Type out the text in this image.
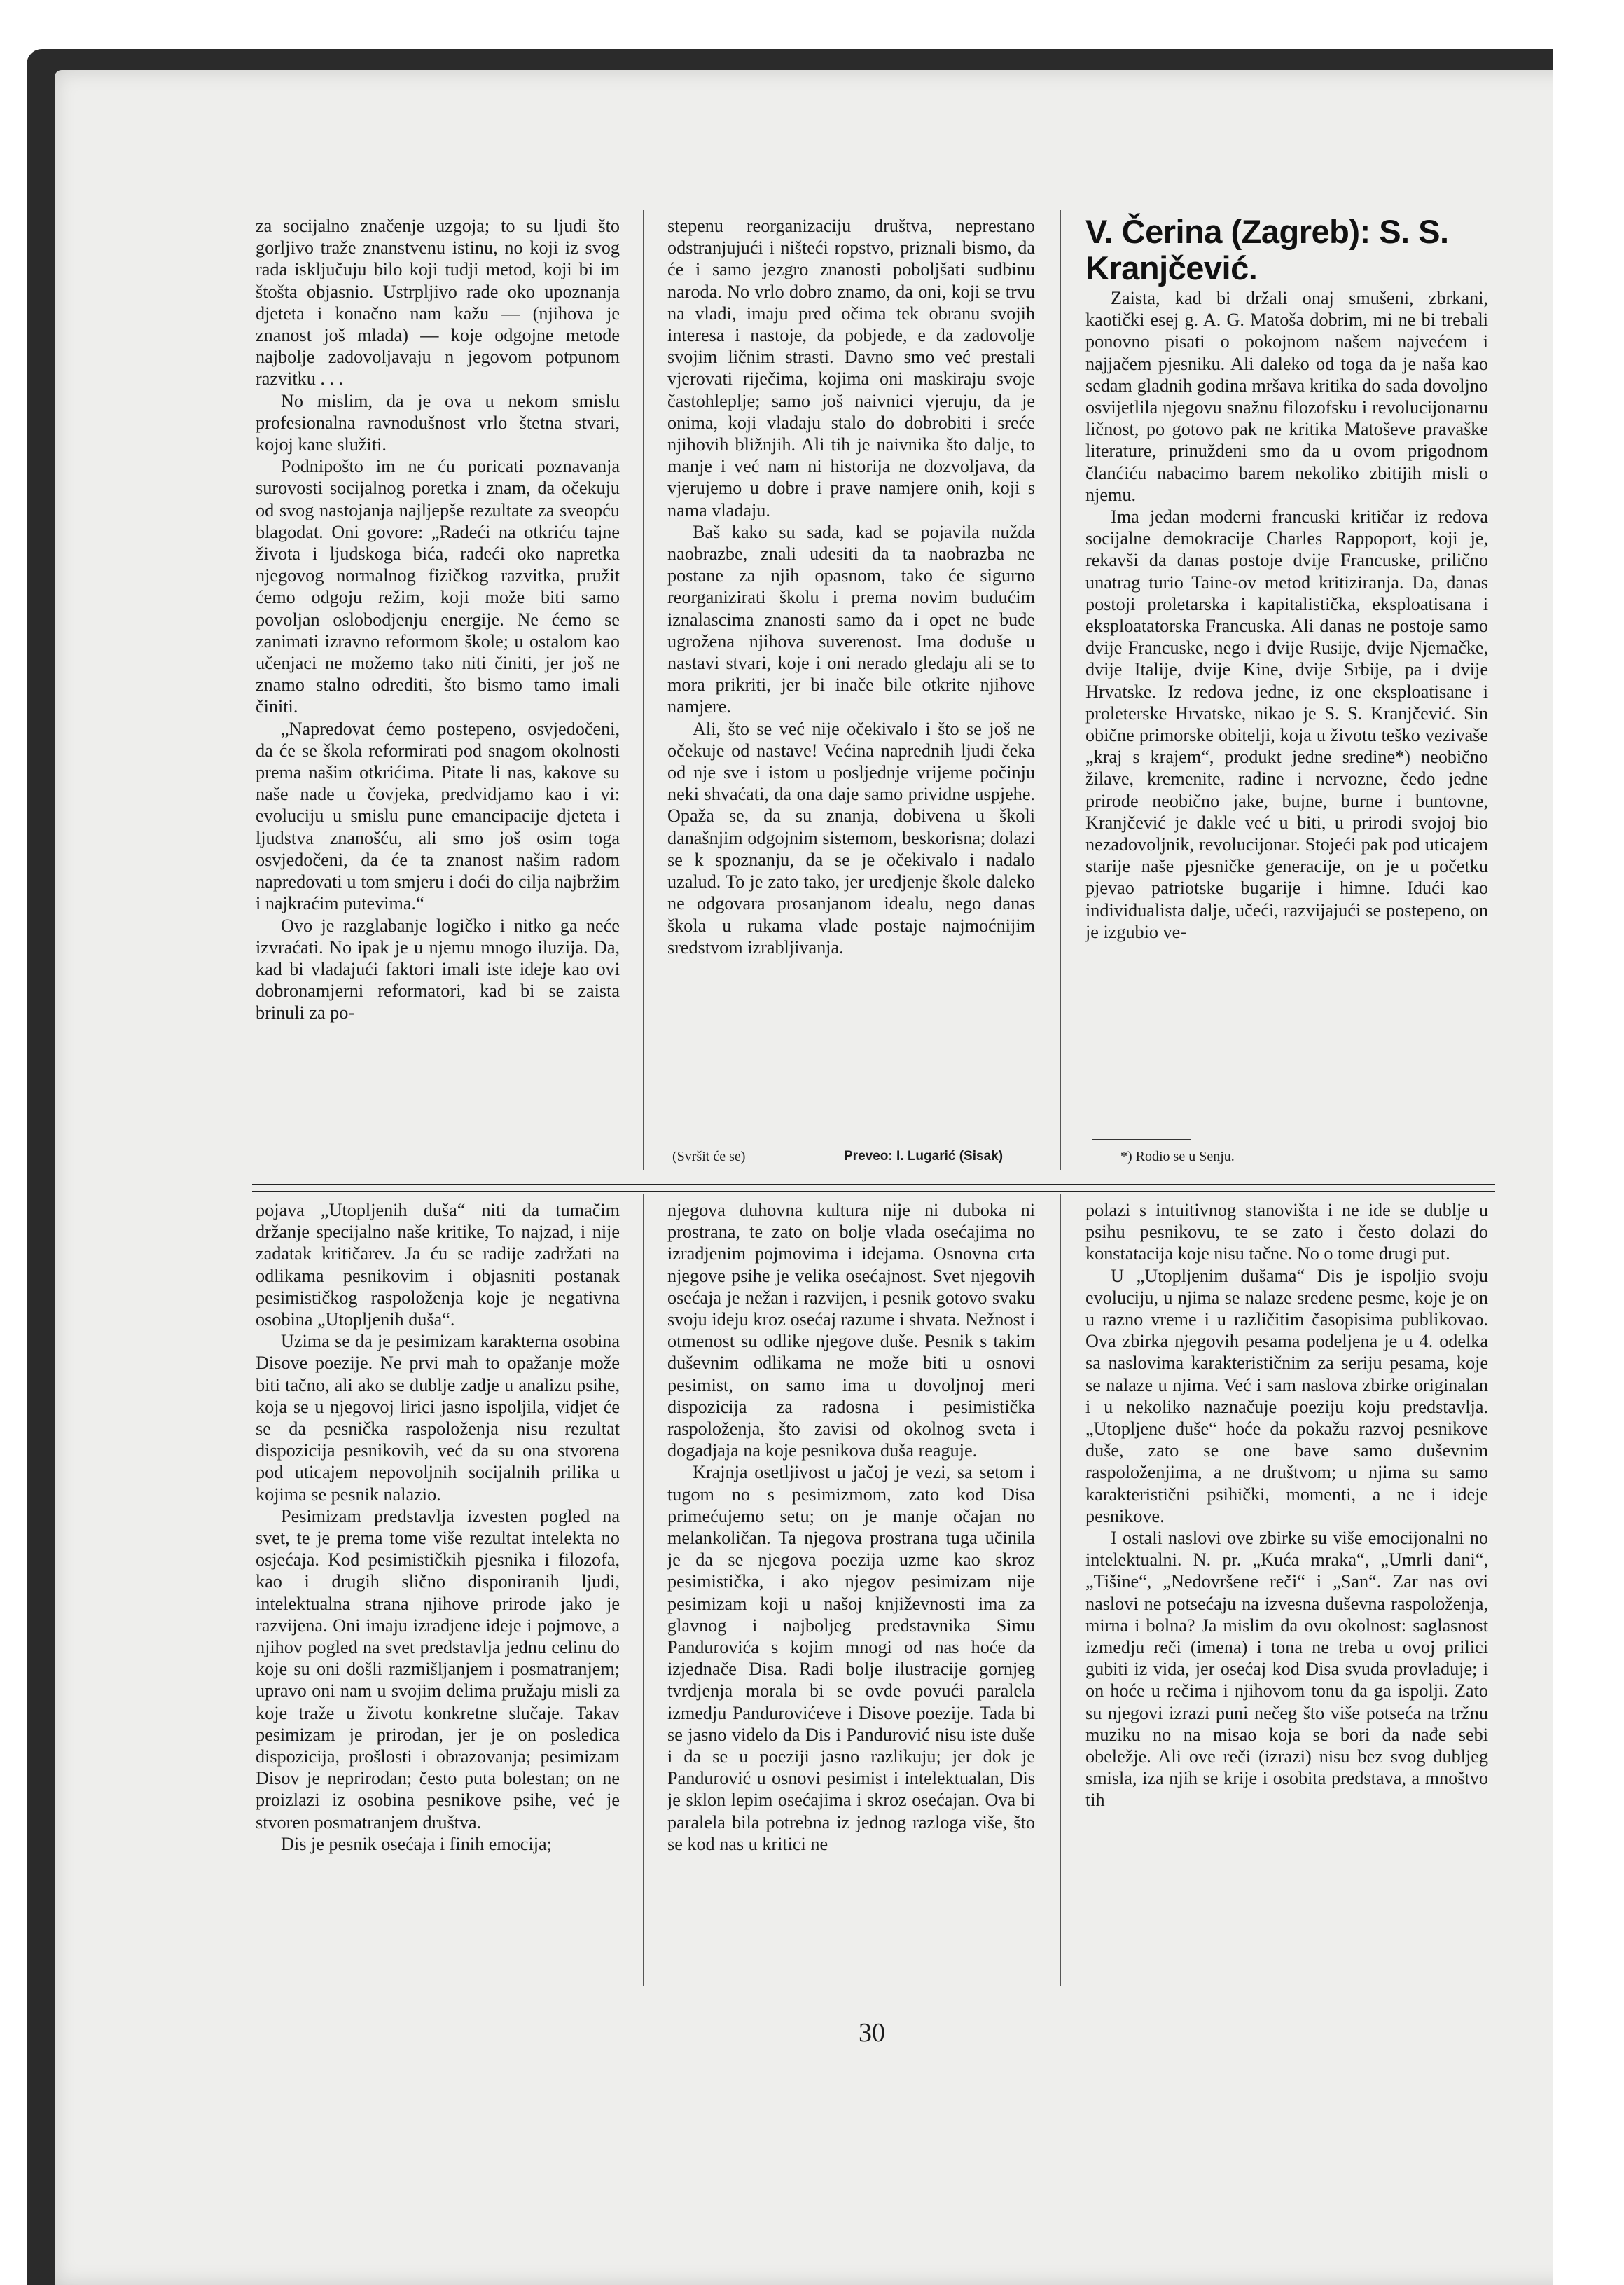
za socijalno značenje uzgoja; to su ljudi što gorljivo traže znanstvenu istinu, no koji iz svog rada isključuju bilo koji tudji metod, koji bi im štošta objasnio. Ustrpljivo rade oko upoznanja djeteta i konačno nam kažu — (njihova je znanost još mlada) — koje odgojne metode najbolje zadovoljavaju n jegovom potpunom razvitku . . .

No mislim, da je ova u nekom smislu profesionalna ravnodušnost vrlo štetna stvari, kojoj kane služiti.

Podnipošto im ne ću poricati poznavanja surovosti socijalnog poretka i znam, da očekuju od svog nastojanja najljepše rezultate za sveopću blagodat. Oni govore: „Radeći na otkriću tajne života i ljudskoga bića, radeći oko napretka njegovog normalnog fizičkog razvitka, pružit ćemo odgoju režim, koji može biti samo povoljan oslobodjenju energije. Ne ćemo se zanimati izravno reformom škole; u ostalom kao učenjaci ne možemo tako niti činiti, jer još ne znamo stalno odrediti, što bismo tamo imali činiti.

„Napredovat ćemo postepeno, osvjedočeni, da će se škola reformirati pod snagom okolnosti prema našim otkrićima. Pitate li nas, kakove su naše nade u čovjeka, predvidjamo kao i vi: evoluciju u smislu pune emancipacije djeteta i ljudstva znanošću, ali smo još osim toga osvjedočeni, da će ta znanost našim radom napredovati u tom smjeru i doći do cilja najbržim i najkraćim putevima.“

Ovo je razglabanje logičko i nitko ga neće izvraćati. No ipak je u njemu mnogo iluzija. Da, kad bi vladajući faktori imali iste ideje kao ovi dobronamjerni reformatori, kad bi se zaista brinuli za po-

stepenu reorganizaciju društva, neprestano odstranjujući i ništeći ropstvo, priznali bismo, da će i samo jezgro znanosti poboljšati sudbinu naroda. No vrlo dobro znamo, da oni, koji se trvu na vladi, imaju pred očima tek obranu svojih interesa i nastoje, da pobjede, e da zadovolje svojim ličnim strasti. Davno smo već prestali vjerovati riječima, kojima oni maskiraju svoje častohleplje; samo još naivnici vjeruju, da je onima, koji vladaju stalo do dobrobiti i sreće njihovih bližnjih. Ali tih je naivnika što dalje, to manje i već nam ni historija ne dozvoljava, da vjerujemo u dobre i prave namjere onih, koji s nama vladaju.

Baš kako su sada, kad se pojavila nužda naobrazbe, znali udesiti da ta naobrazba ne postane za njih opasnom, tako će sigurno reorganizirati školu i prema novim budućim iznalascima znanosti samo da i opet ne bude ugrožena njihova suverenost. Ima doduše u nastavi stvari, koje i oni nerado gledaju ali se to mora prikriti, jer bi inače bile otkrite njihove namjere.

Ali, što se već nije očekivalo i što se još ne očekuje od nastave! Većina naprednih ljudi čeka od nje sve i istom u posljednje vrijeme počinju neki shvaćati, da ona daje samo prividne uspjehe. Opaža se, da su znanja, dobivena u školi današnjim odgojnim sistemom, beskorisna; dolazi se k spoznanju, da se je očekivalo i nadalo uzalud. To je zato tako, jer uredjenje škole daleko ne odgovara prosanjanom idealu, nego danas škola u rukama vlade postaje najmoćnijim sredstvom izrabljivanja.

(Svršit će se)	Preveo: I. Lugarić (Sisak)
V. Čerina (Zagreb): S. S. Kranjčević.

Zaista, kad bi držali onaj smušeni, zbrkani, kaotički esej g. A. G. Matoša dobrim, mi ne bi trebali ponovno pisati o pokojnom našem najvećem i najjačem pjesniku. Ali daleko od toga da je naša kao sedam gladnih godina mršava kritika do sada dovoljno osvijetlila njegovu snažnu filozofsku i revolucijonarnu ličnost, po gotovo pak ne kritika Matoševe pravaške literature, prinuždeni smo da u ovom prigodnom članćiću nabacimo barem nekoliko zbitijih misli o njemu.

Ima jedan moderni francuski kritičar iz redova socijalne demokracije Charles Rappoport, koji je, rekavši da danas postoje dvije Francuske, prilično unatrag turio Taine-ov metod kritiziranja. Da, danas postoji proletarska i kapitalistička, eksploatisana i eksploatatorska Francuska. Ali danas ne postoje samo dvije Francuske, nego i dvije Rusije, dvije Njemačke, dvije Italije, dvije Kine, dvije Srbije, pa i dvije Hrvatske. Iz redova jedne, iz one eksploatisane i proleterske Hrvatske, nikao je S. S. Kranjčević. Sin obične primorske obitelji, koja u životu teško vezivaše „kraj s krajem“, produkt jedne sredine*) neobično žilave, kremenite, radine i nervozne, čedo jedne prirode neobično jake, bujne, burne i buntovne, Kranjčević je dakle već u biti, u prirodi svojoj bio nezadovoljnik, revolucijonar. Stojeći pak pod uticajem starije naše pjesničke generacije, on je u početku pjevao patriotske bugarije i himne. Idući kao individualista dalje, učeći, razvijajući se postepeno, on je izgubio ve-

*) Rodio se u Senju.

pojava „Utopljenih duša“ niti da tumačim držanje specijalno naše kritike, To najzad, i nije zadatak kritičarev. Ja ću se radije zadržati na odlikama pesnikovim i objasniti postanak pesimističkog raspoloženja koje je negativna osobina „Utopljenih duša“.

Uzima se da je pesimizam karakterna osobina Disove poezije. Ne prvi mah to opažanje može biti tačno, ali ako se dublje zadje u analizu psihe, koja se u njegovoj lirici jasno ispoljila, vidjet će se da pesnička raspoloženja nisu rezultat dispozicija pesnikovih, već da su ona stvorena pod uticajem nepovoljnih socijalnih prilika u kojima se pesnik nalazio.

Pesimizam predstavlja izvesten pogled na svet, te je prema tome više rezultat intelekta no osjećaja. Kod pesimističkih pjesnika i filozofa, kao i drugih slično disponiranih ljudi, intelektualna strana njihove prirode jako je razvijena. Oni imaju izradjene ideje i pojmove, a njihov pogled na svet predstavlja jednu celinu do koje su oni došli razmišljanjem i posmatranjem; upravo oni nam u svojim delima pružaju misli za koje traže u životu konkretne slučaje. Takav pesimizam je prirodan, jer je on posledica dispozicija, prošlosti i obrazovanja; pesimizam Disov je neprirodan; često puta bolestan; on ne proizlazi iz osobina pesnikove psihe, već je stvoren posmatranjem društva.

Dis je pesnik osećaja i finih emocija;

njegova duhovna kultura nije ni duboka ni prostrana, te zato on bolje vlada osećajima no izradjenim pojmovima i idejama. Osnovna crta njegove psihe je velika osećajnost. Svet njegovih osećaja je nežan i razvijen, i pesnik gotovo svaku svoju ideju kroz osećaj razume i shvata. Nežnost i otmenost su odlike njegove duše. Pesnik s takim duševnim odlikama ne može biti u osnovi pesimist, on samo ima u dovoljnoj meri dispozicija za radosna i pesimistička raspoloženja, što zavisi od okolnog sveta i dogadjaja na koje pesnikova duša reaguje.

Krajnja osetljivost u jačoj je vezi, sa setom i tugom no s pesimizmom, zato kod Disa primećujemo setu; on je manje očajan no melankoličan. Ta njegova prostrana tuga učinila je da se njegova poezija uzme kao skroz pesimistička, i ako njegov pesimizam nije pesimizam koji u našoj književnosti ima za glavnog i najboljeg predstavnika Simu Pandurovića s kojim mnogi od nas hoće da izjednače Disa. Radi bolje ilustracije gornjeg tvrdjenja morala bi se ovde povući paralela izmedju Pandurovićeve i Disove poezije. Tada bi se jasno videlo da Dis i Pandurović nisu iste duše i da se u poeziji jasno razlikuju; jer dok je Pandurović u osnovi pesimist i intelektualan, Dis je sklon lepim osećajima i skroz osećajan. Ova bi paralela bila potrebna iz jednog razloga više, što se kod nas u kritici ne

polazi s intuitivnog stanovišta i ne ide se dublje u psihu pesnikovu, te se zato i često dolazi do konstatacija koje nisu tačne. No o tome drugi put.

U „Utopljenim dušama“ Dis je ispoljio svoju evoluciju, u njima se nalaze sredene pesme, koje je on u razno vreme i u različitim časopisima publikovao. Ova zbirka njegovih pesama podeljena je u 4. odelka sa naslovima karakterističnim za seriju pesama, koje se nalaze u njima. Već i sam naslova zbirke originalan i u nekoliko naznačuje poeziju koju predstavlja. „Utopljene duše“ hoće da pokažu razvoj pesnikove duše, zato se one bave samo duševnim raspoloženjima, a ne društvom; u njima su samo karakteristični psihički, momenti, a ne i ideje pesnikove.

I ostali naslovi ove zbirke su više emocijonalni no intelektualni. N. pr. „Kuća mraka“, „Umrli dani“, „Tišine“, „Nedovršene reči“ i „San“. Zar nas ovi naslovi ne potsećaju na izvesna duševna raspoloženja, mirna i bolna? Ja mislim da ovu okolnost: saglasnost izmedju reči (imena) i tona ne treba u ovoj prilici gubiti iz vida, jer osećaj kod Disa svuda provladuje; i on hoće u rečima i njihovom tonu da ga ispolji. Zato su njegovi izrazi puni nečeg što više potseća na tržnu muziku no na misao koja se bori da nađe sebi obeležje. Ali ove reči (izrazi) nisu bez svog dubljeg smisla, iza njih se krije i osobita predstava, a mnoštvo tih

30
